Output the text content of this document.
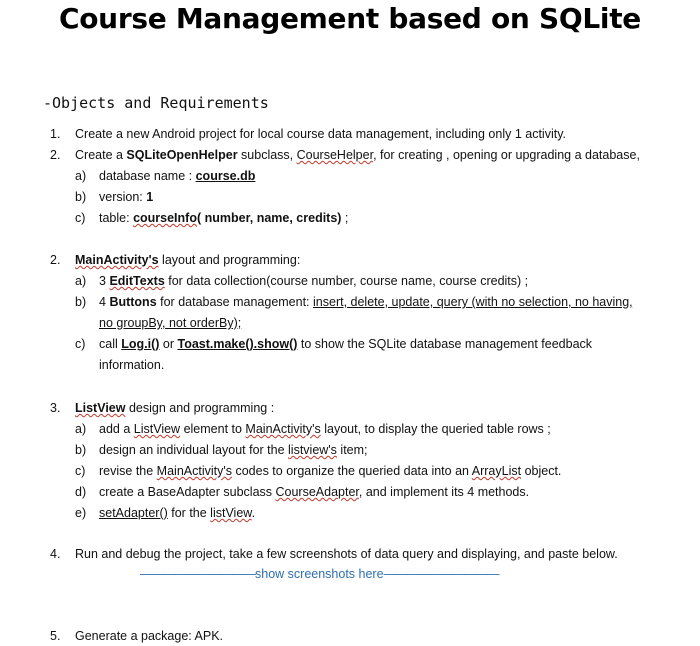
Course Management based on SQLite
-Objects and Requirements
1. Create a new Android project for local course data management, including only 1 activity.
2. Create a SQLiteOpenHelper subclass, CourseHelper, for creating , opening or upgrading a database,
a) database name : course.db
b) version: 1
c) table: courseInfo( number, name, credits) ;
2. MainActivity's layout and programming:
a) 3 EditTexts for data collection(course number, course name, course credits) ;
b) 4 Buttons for database management: insert, delete, update, query (with no selection, no having,
no groupBy, not orderBy);
c) call Log.i() or Toast.make().show() to show the SQLite database management feedback
information.
3. ListView design and programming :
a) add a ListView element to MainActivity's layout, to display the queried table rows ;
b) design an individual layout for the listview's item;
c) revise the MainActivity's codes to organize the queried data into an ArrayList object.
d) create a BaseAdapter subclass CourseAdapter, and implement its 4 methods.
e) setAdapter() for the listView.
4. Run and debug the project, take a few screenshots of data query and displaying, and paste below.
——————————show screenshots here——————————
5. Generate a package: APK.
